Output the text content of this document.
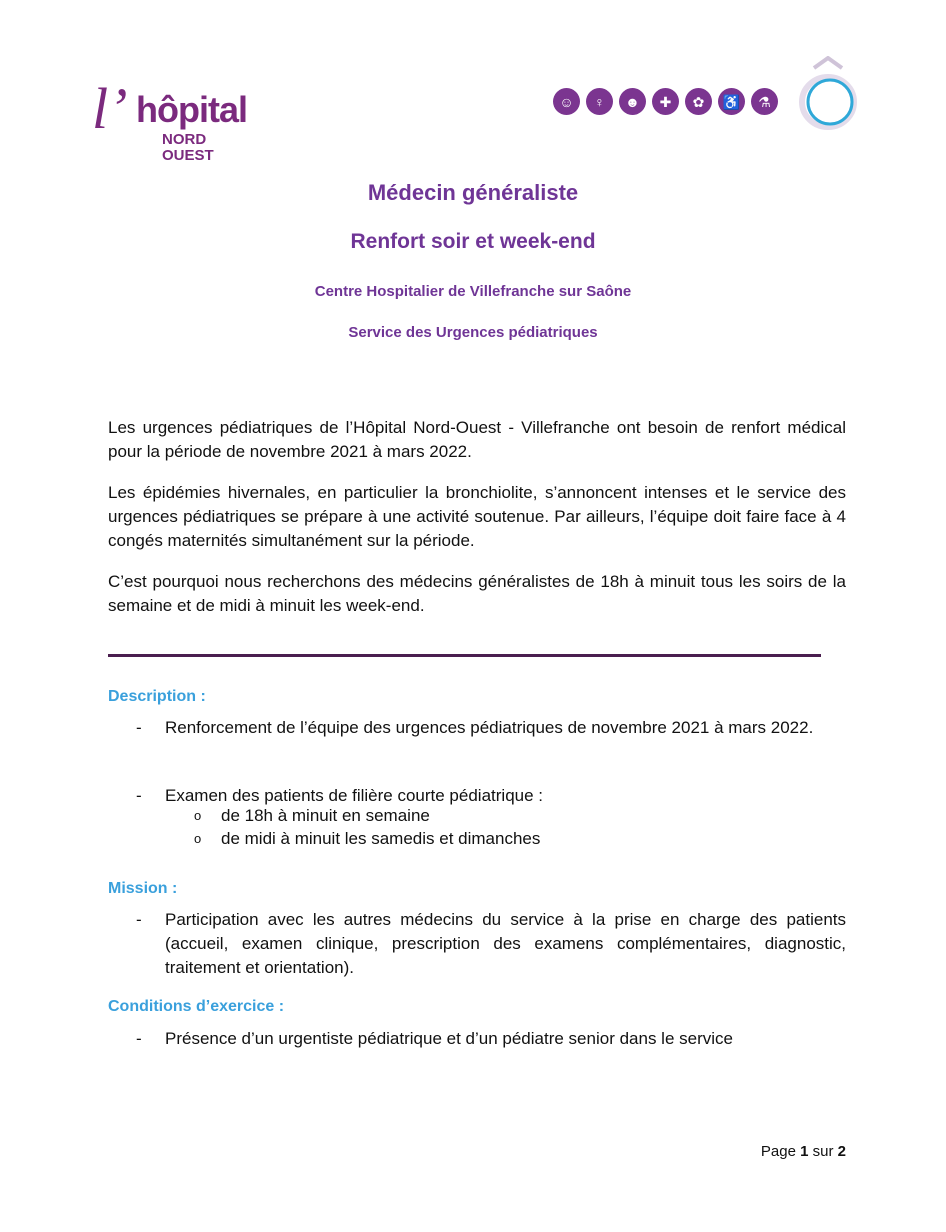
l’ hôpital
NORD
OUEST
☺	♀	☻	✚	✿	♿	⚗
Médecin généraliste
Renfort soir et week-end
Centre Hospitalier de Villefranche sur Saône
Service des Urgences pédiatriques
Les urgences pédiatriques de l’Hôpital Nord-Ouest - Villefranche ont besoin de renfort médical pour la période de novembre 2021 à mars 2022.
Les épidémies hivernales, en particulier la bronchiolite, s’annoncent intenses et le service des urgences pédiatriques se prépare à une activité soutenue. Par ailleurs, l’équipe doit faire face à 4 congés maternités simultanément sur la période.
C’est pourquoi nous recherchons des médecins généralistes de 18h à minuit tous les soirs de la semaine et de midi à minuit les week-end.
Description :
- Renforcement de l’équipe des urgences pédiatriques de novembre 2021 à mars 2022.
- Examen des patients de filière courte pédiatrique :
o de 18h à minuit en semaine
o de midi à minuit les samedis et dimanches
Mission :
- Participation avec les autres médecins du service à la prise en charge des patients (accueil, examen clinique, prescription des examens complémentaires, diagnostic, traitement et orientation).
Conditions d’exercice :
- Présence d’un urgentiste pédiatrique et d’un pédiatre senior dans le service
Page 1 sur 2
